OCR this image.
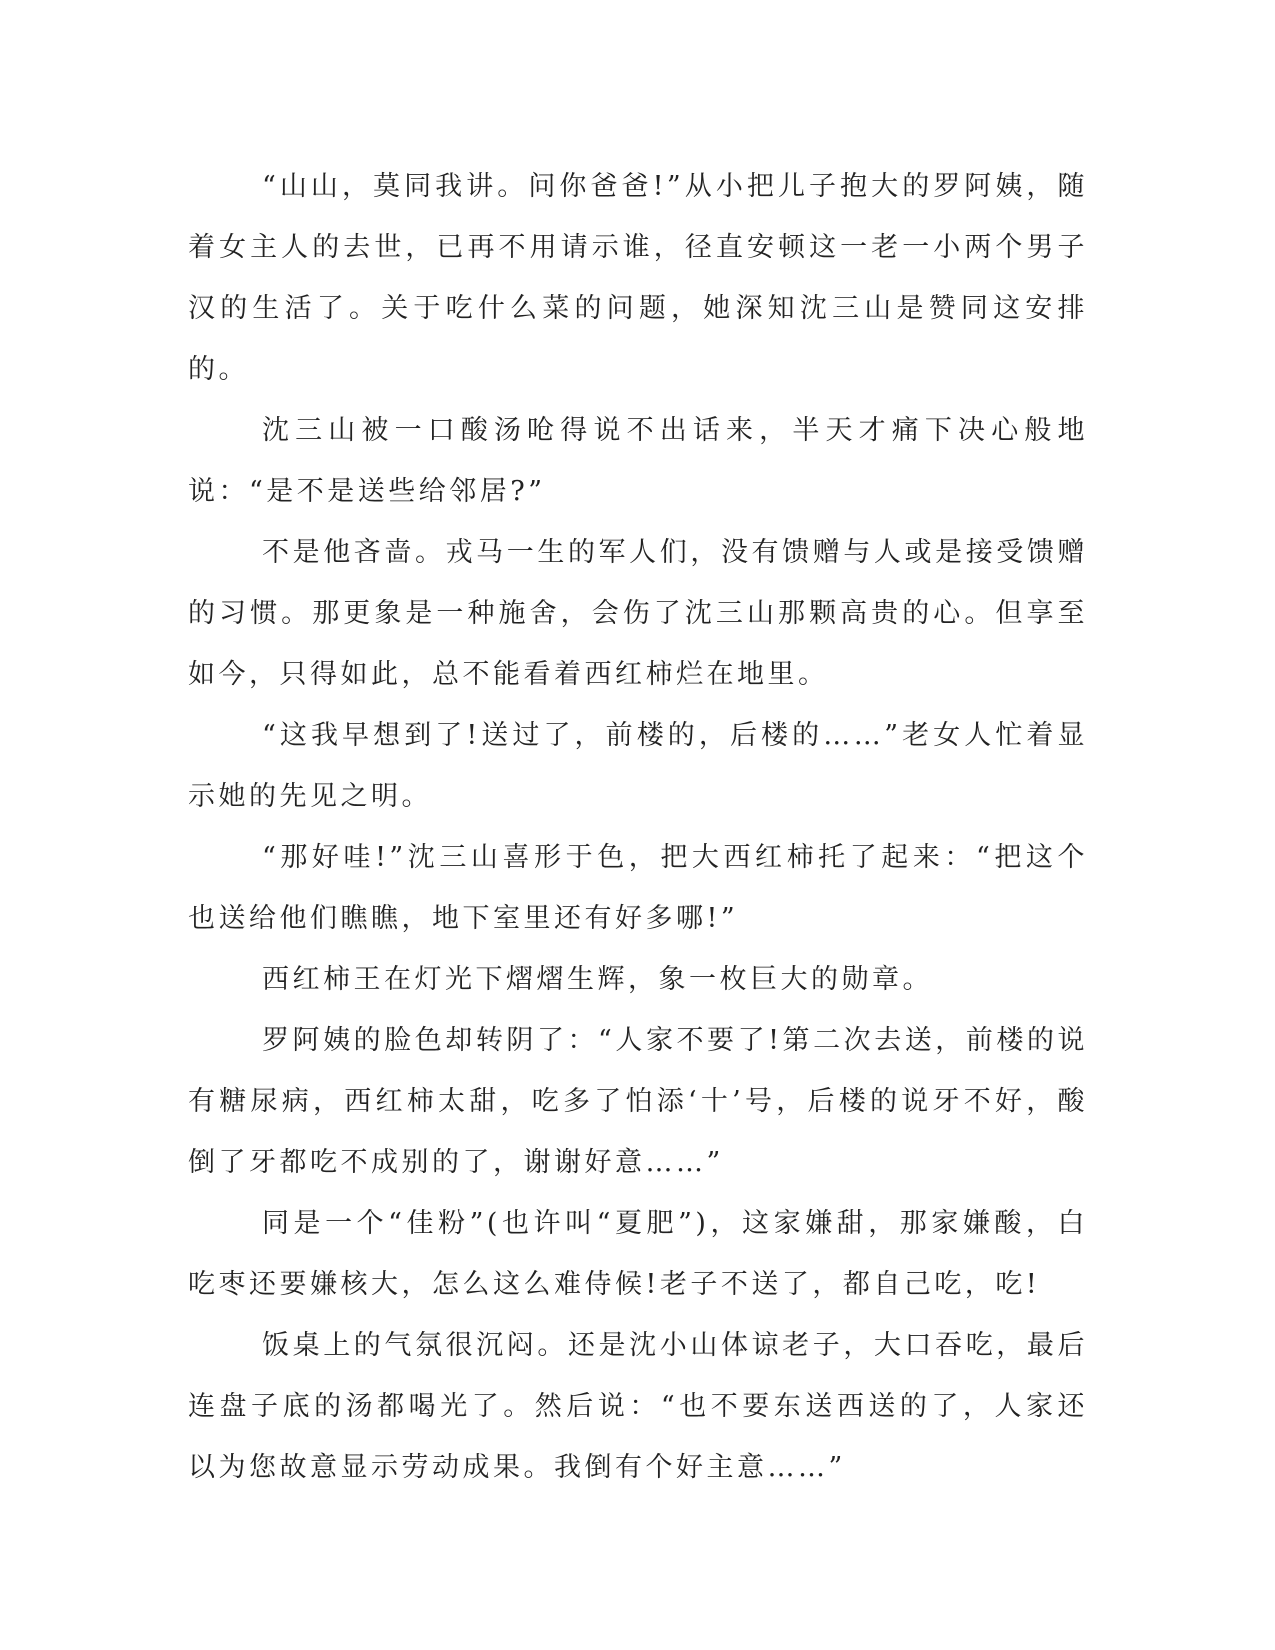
“山山，莫同我讲。问你爸爸!”从小把儿子抱大的罗阿姨，随着女主人的去世，已再不用请示谁，径直安顿这一老一小两个男子汉的生活了。关于吃什么菜的问题，她深知沈三山是赞同这安排的。

沈三山被一口酸汤呛得说不出话来，半天才痛下决心般地说：“是不是送些给邻居?”

不是他吝啬。戎马一生的军人们，没有馈赠与人或是接受馈赠的习惯。那更象是一种施舍，会伤了沈三山那颗高贵的心。但享至如今，只得如此，总不能看着西红柿烂在地里。

“这我早想到了!送过了，前楼的，后楼的……”老女人忙着显示她的先见之明。

“那好哇!”沈三山喜形于色，把大西红柿托了起来：“把这个也送给他们瞧瞧，地下室里还有好多哪!”

西红柿王在灯光下熠熠生辉，象一枚巨大的勋章。

罗阿姨的脸色却转阴了：“人家不要了!第二次去送，前楼的说有糖尿病，西红柿太甜，吃多了怕添‘十’号，后楼的说牙不好，酸倒了牙都吃不成别的了，谢谢好意……”

同是一个“佳粉”(也许叫“夏肥”)，这家嫌甜，那家嫌酸，白吃枣还要嫌核大，怎么这么难侍候!老子不送了，都自己吃，吃!

饭桌上的气氛很沉闷。还是沈小山体谅老子，大口吞吃，最后连盘子底的汤都喝光了。然后说：“也不要东送西送的了，人家还以为您故意显示劳动成果。我倒有个好主意……”
